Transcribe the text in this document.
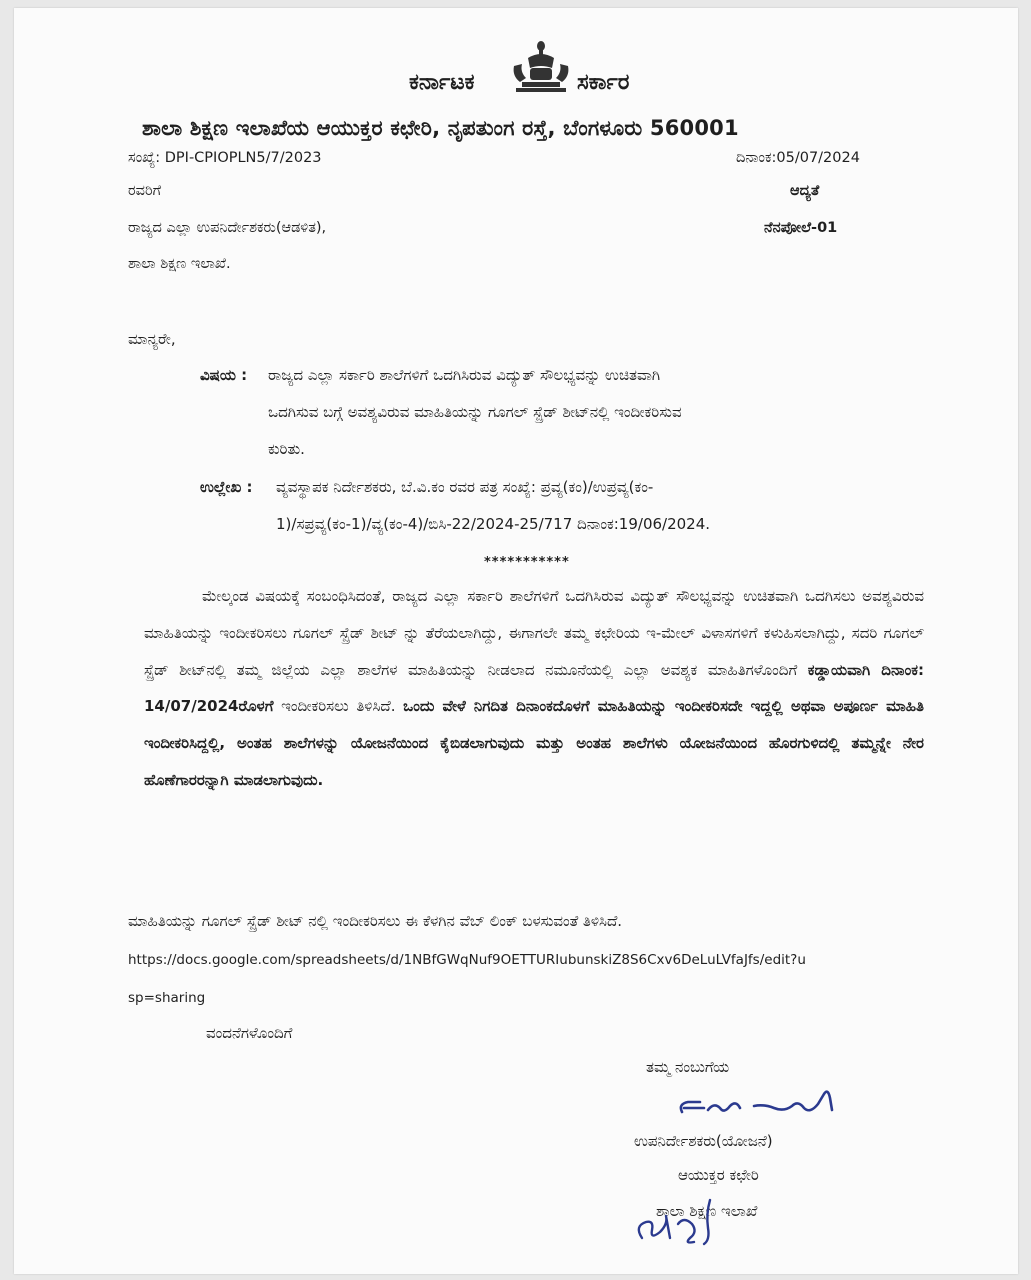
ಕರ್ನಾಟಕ	ಸರ್ಕಾರ
ಶಾಲಾ ಶಿಕ್ಷಣ ಇಲಾಖೆಯ ಆಯುಕ್ತರ ಕಛೇರಿ, ನೃಪತುಂಗ ರಸ್ತೆ, ಬೆಂಗಳೂರು 560001
ಸಂಖ್ಯೆ: DPI-CPIOPLN5/7/2023	ದಿನಾಂಕ:05/07/2024
ರವರಿಗೆ	ಆದ್ಯತೆ
ರಾಜ್ಯದ ಎಲ್ಲಾ ಉಪನಿರ್ದೇಶಕರು(ಆಡಳಿತ),	ನೆನಪೋಲೆ-01
ಶಾಲಾ ಶಿಕ್ಷಣ ಇಲಾಖೆ.
ಮಾನ್ಯರೇ,
ವಿಷಯ : ರಾಜ್ಯದ ಎಲ್ಲಾ ಸರ್ಕಾರಿ ಶಾಲೆಗಳಿಗೆ ಒದಗಿಸಿರುವ ವಿದ್ಯುತ್ ಸೌಲಭ್ಯವನ್ನು ಉಚಿತವಾಗಿ
ಒದಗಿಸುವ ಬಗ್ಗೆ ಅವಶ್ಯವಿರುವ ಮಾಹಿತಿಯನ್ನು ಗೂಗಲ್ ಸ್ಪ್ರೆಡ್ ಶೀಟ್‌ನಲ್ಲಿ ಇಂದೀಕರಿಸುವ
ಕುರಿತು.
ಉಲ್ಲೇಖ : ವ್ಯವಸ್ಥಾಪಕ ನಿರ್ದೇಶಕರು, ಬೆ.ವಿ.ಕಂ ರವರ ಪತ್ರ ಸಂಖ್ಯೆ: ಪ್ರವ್ಯ(ಕಂ)/ಉಪ್ರವ್ಯ(ಕಂ-
1)/ಸಪ್ರವ್ಯ(ಕಂ-1)/ವ್ಯ(ಕಂ-4)/ಬಿಸಿ-22/2024-25/717 ದಿನಾಂಕ:19/06/2024.
***********
ಮೇಲ್ಕಂಡ ವಿಷಯಕ್ಕೆ ಸಂಬಂಧಿಸಿದಂತೆ, ರಾಜ್ಯದ ಎಲ್ಲಾ ಸರ್ಕಾರಿ ಶಾಲೆಗಳಿಗೆ ಒದಗಿಸಿರುವ ವಿದ್ಯುತ್ ಸೌಲಭ್ಯವನ್ನು ಉಚಿತವಾಗಿ ಒದಗಿಸಲು ಅವಶ್ಯವಿರುವ ಮಾಹಿತಿಯನ್ನು ಇಂದೀಕರಿಸಲು ಗೂಗಲ್ ಸ್ಪ್ರೆಡ್ ಶೀಟ್ ನ್ನು ತೆರೆಯಲಾಗಿದ್ದು, ಈಗಾಗಲೇ ತಮ್ಮ ಕಛೇರಿಯ ಇ-ಮೇಲ್ ವಿಳಾಸಗಳಿಗೆ ಕಳುಹಿಸಲಾಗಿದ್ದು, ಸದರಿ ಗೂಗಲ್ ಸ್ಪ್ರೆಡ್ ಶೀಟ್‌ನಲ್ಲಿ ತಮ್ಮ ಜಿಲ್ಲೆಯ ಎಲ್ಲಾ ಶಾಲೆಗಳ ಮಾಹಿತಿಯನ್ನು ನೀಡಲಾದ ನಮೂನೆಯಲ್ಲಿ ಎಲ್ಲಾ ಅವಶ್ಯಕ ಮಾಹಿತಿಗಳೊಂದಿಗೆ ಕಡ್ಡಾಯವಾಗಿ ದಿನಾಂಕ: 14/07/2024ರೊಳಗೆ ಇಂದೀಕರಿಸಲು ತಿಳಿಸಿದೆ. ಒಂದು ವೇಳೆ ನಿಗದಿತ ದಿನಾಂಕದೊಳಗೆ ಮಾಹಿತಿಯನ್ನು ಇಂದೀಕರಿಸದೇ ಇದ್ದಲ್ಲಿ ಅಥವಾ ಅಪೂರ್ಣ ಮಾಹಿತಿ ಇಂದೀಕರಿಸಿದ್ದಲ್ಲಿ, ಅಂತಹ ಶಾಲೆಗಳನ್ನು ಯೋಜನೆಯಿಂದ ಕೈಬಿಡಲಾಗುವುದು ಮತ್ತು ಅಂತಹ ಶಾಲೆಗಳು ಯೋಜನೆಯಿಂದ ಹೊರಗುಳಿದಲ್ಲಿ ತಮ್ಮನ್ನೇ ನೇರ ಹೊಣೆಗಾರರನ್ನಾಗಿ ಮಾಡಲಾಗುವುದು.
ಮಾಹಿತಿಯನ್ನು ಗೂಗಲ್ ಸ್ಪ್ರೆಡ್ ಶೀಟ್ ನಲ್ಲಿ ಇಂದೀಕರಿಸಲು ಈ ಕೆಳಗಿನ ವೆಬ್ ಲಿಂಕ್ ಬಳಸುವಂತೆ ತಿಳಿಸಿದೆ.
https://docs.google.com/spreadsheets/d/1NBfGWqNuf9OETTURIubunskiZ8S6Cxv6DeLuLVfaJfs/edit?u
sp=sharing
ವಂದನೆಗಳೊಂದಿಗೆ
ತಮ್ಮ ನಂಬುಗೆಯ
ಉಪನಿರ್ದೇಶಕರು(ಯೋಜನೆ)
ಆಯುಕ್ತರ ಕಛೇರಿ
ಶಾಲಾ ಶಿಕ್ಷಣ ಇಲಾಖೆ
